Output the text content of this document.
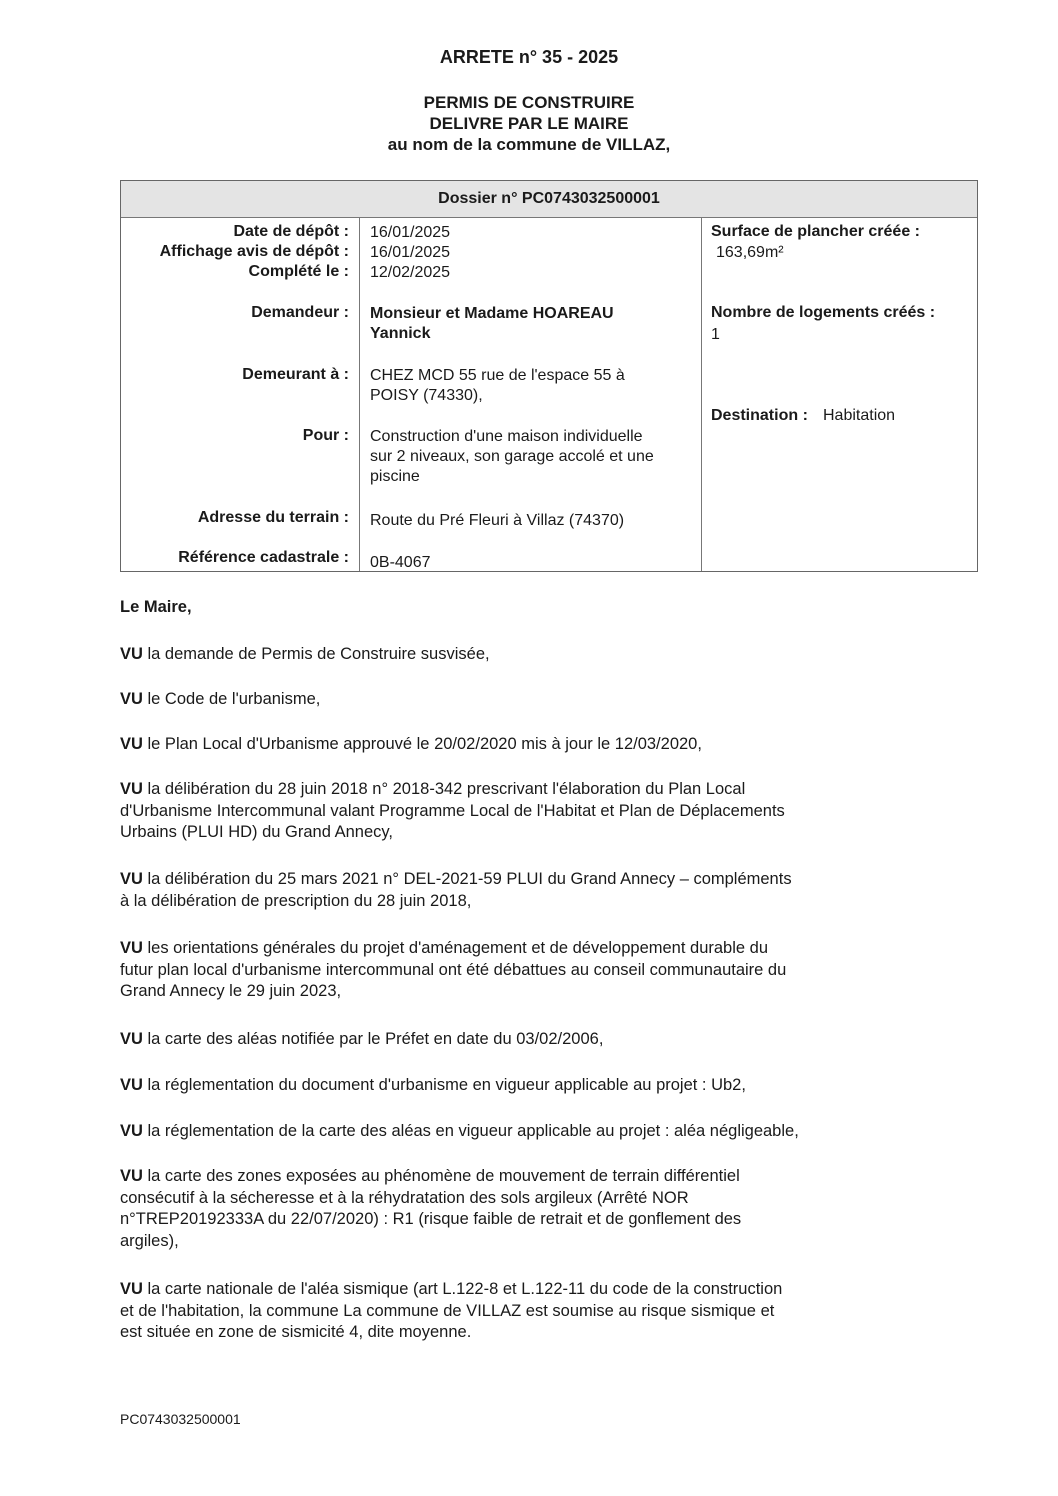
ARRETE n° 35 - 2025
PERMIS DE CONSTRUIRE
DELIVRE PAR LE MAIRE
au nom de la commune de VILLAZ,
Dossier n° PC0743032500001
Date de dépôt : 16/01/2025
Affichage avis de dépôt : 16/01/2025
Complété le : 12/02/2025
Demandeur : Monsieur et Madame HOAREAU
Yannick
Demeurant à : CHEZ MCD 55 rue de l'espace 55 à
POISY (74330),
Pour : Construction d'une maison individuelle
sur 2 niveaux, son garage accolé et une
piscine
Adresse du terrain : Route du Pré Fleuri à Villaz (74370)
Référence cadastrale : 0B-4067
Surface de plancher créée :
163,69m²
Nombre de logements créés :
1
Destination : Habitation
Le Maire,
VU la demande de Permis de Construire susvisée,
VU le Code de l'urbanisme,
VU le Plan Local d'Urbanisme approuvé le 20/02/2020 mis à jour le 12/03/2020,
VU la délibération du 28 juin 2018 n° 2018-342 prescrivant l'élaboration du Plan Local
d'Urbanisme Intercommunal valant Programme Local de l'Habitat et Plan de Déplacements
Urbains (PLUI HD) du Grand Annecy,
VU la délibération du 25 mars 2021 n° DEL-2021-59 PLUI du Grand Annecy – compléments
à la délibération de prescription du 28 juin 2018,
VU les orientations générales du projet d'aménagement et de développement durable du
futur plan local d'urbanisme intercommunal ont été débattues au conseil communautaire du
Grand Annecy le 29 juin 2023,
VU la carte des aléas notifiée par le Préfet en date du 03/02/2006,
VU la réglementation du document d'urbanisme en vigueur applicable au projet : Ub2,
VU la réglementation de la carte des aléas en vigueur applicable au projet : aléa négligeable,
VU la carte des zones exposées au phénomène de mouvement de terrain différentiel
consécutif à la sécheresse et à la réhydratation des sols argileux (Arrêté NOR
n°TREP20192333A du 22/07/2020) : R1 (risque faible de retrait et de gonflement des
argiles),
VU la carte nationale de l'aléa sismique (art L.122-8 et L.122-11 du code de la construction
et de l'habitation, la commune La commune de VILLAZ est soumise au risque sismique et
est située en zone de sismicité 4, dite moyenne.
PC0743032500001
